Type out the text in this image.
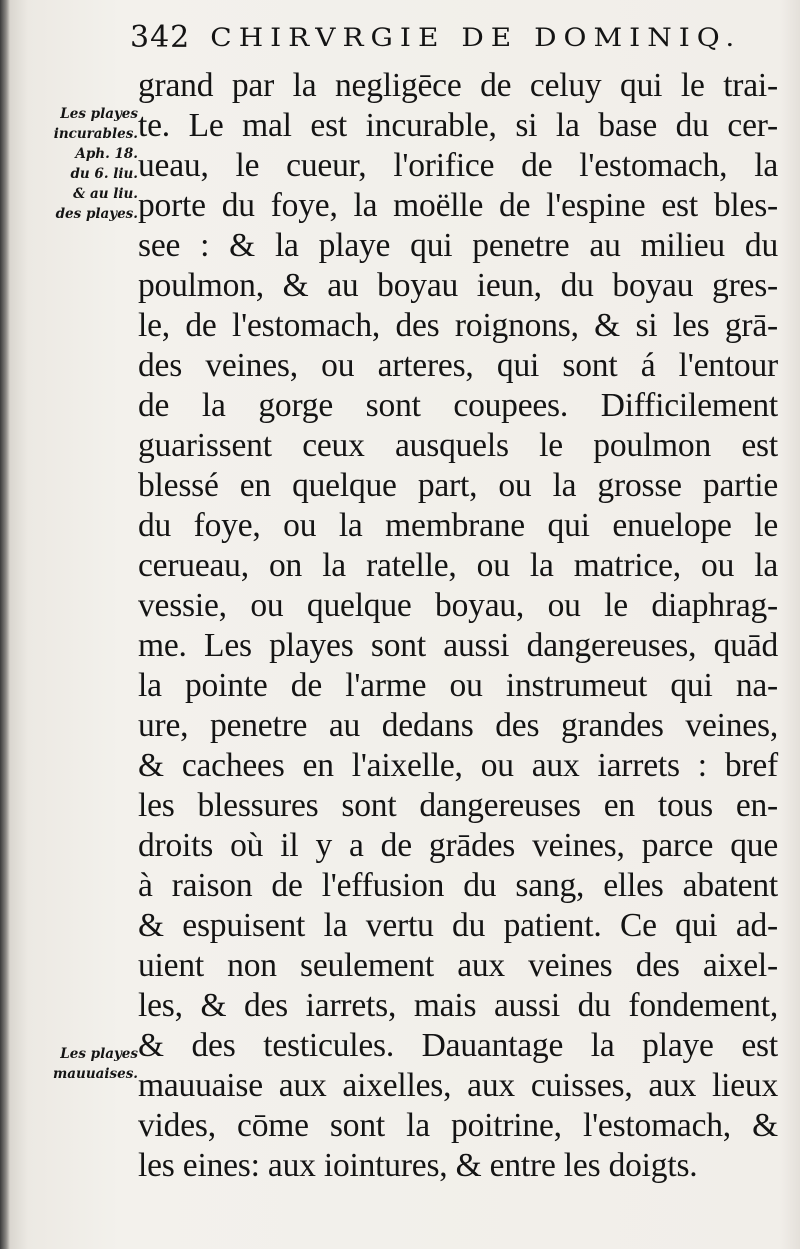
342 CHIRVRGIE DE DOMINIQ.
Les playes
incurables.
Aph. 18.
du 6. liu.
& au liu.
des playes.
Les playes
mauuaises.
grand par la negligēce de celuy qui le trai-
te. Le mal est incurable, si la base du cer-
ueau, le cueur, l'orifice de l'estomach, la
porte du foye, la moëlle de l'espine est bles-
see : & la playe qui penetre au milieu du
poulmon, & au boyau ieun, du boyau gres-
le, de l'estomach, des roignons, & si les grā-
des veines, ou arteres, qui sont á l'entour
de la gorge sont coupees. Difficilement
guarissent ceux ausquels le poulmon est
blessé en quelque part, ou la grosse partie
du foye, ou la membrane qui enuelope le
cerueau, on la ratelle, ou la matrice, ou la
vessie, ou quelque boyau, ou le diaphrag-
me. Les playes sont aussi dangereuses, quād
la pointe de l'arme ou instrumeut qui na-
ure, penetre au dedans des grandes veines,
& cachees en l'aixelle, ou aux iarrets : bref
les blessures sont dangereuses en tous en-
droits où il y a de grādes veines, parce que
à raison de l'effusion du sang, elles abatent
& espuisent la vertu du patient. Ce qui ad-
uient non seulement aux veines des aixel-
les, & des iarrets, mais aussi du fondement,
& des testicules. Dauantage la playe est
mauuaise aux aixelles, aux cuisses, aux lieux
vides, cōme sont la poitrine, l'estomach, &
les eines: aux iointures, & entre les doigts.
